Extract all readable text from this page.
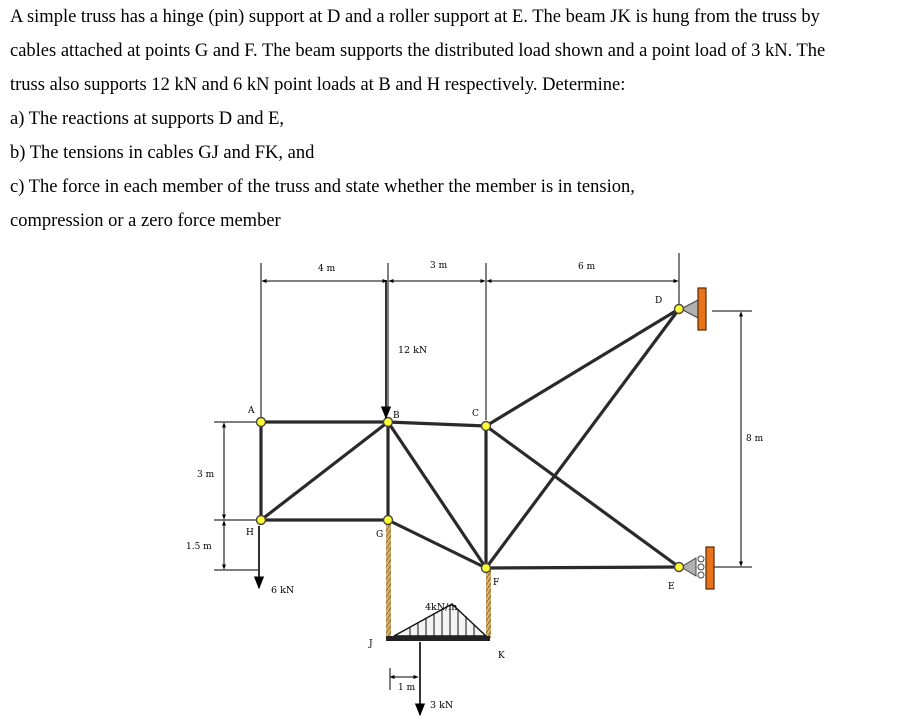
A simple truss has a hinge (pin) support at D and a roller support at E. The beam JK is hung from the truss by

cables attached at points G and F. The beam supports the distributed load shown and a point load of 3 kN. The

truss also supports 12 kN and 6 kN point loads at B and H respectively. Determine:

a) The reactions at supports D and E,

b) The tensions in cables GJ and FK, and

c) The force in each member of the truss and state whether the member is in tension,

compression or a zero force member

4 m	3 m	6 m
3 m
1.5 m
8 m
A	B	C
D
E
F
G
H
J
K
12 kN
6 kN
4kN/m
3 kN
1 m
